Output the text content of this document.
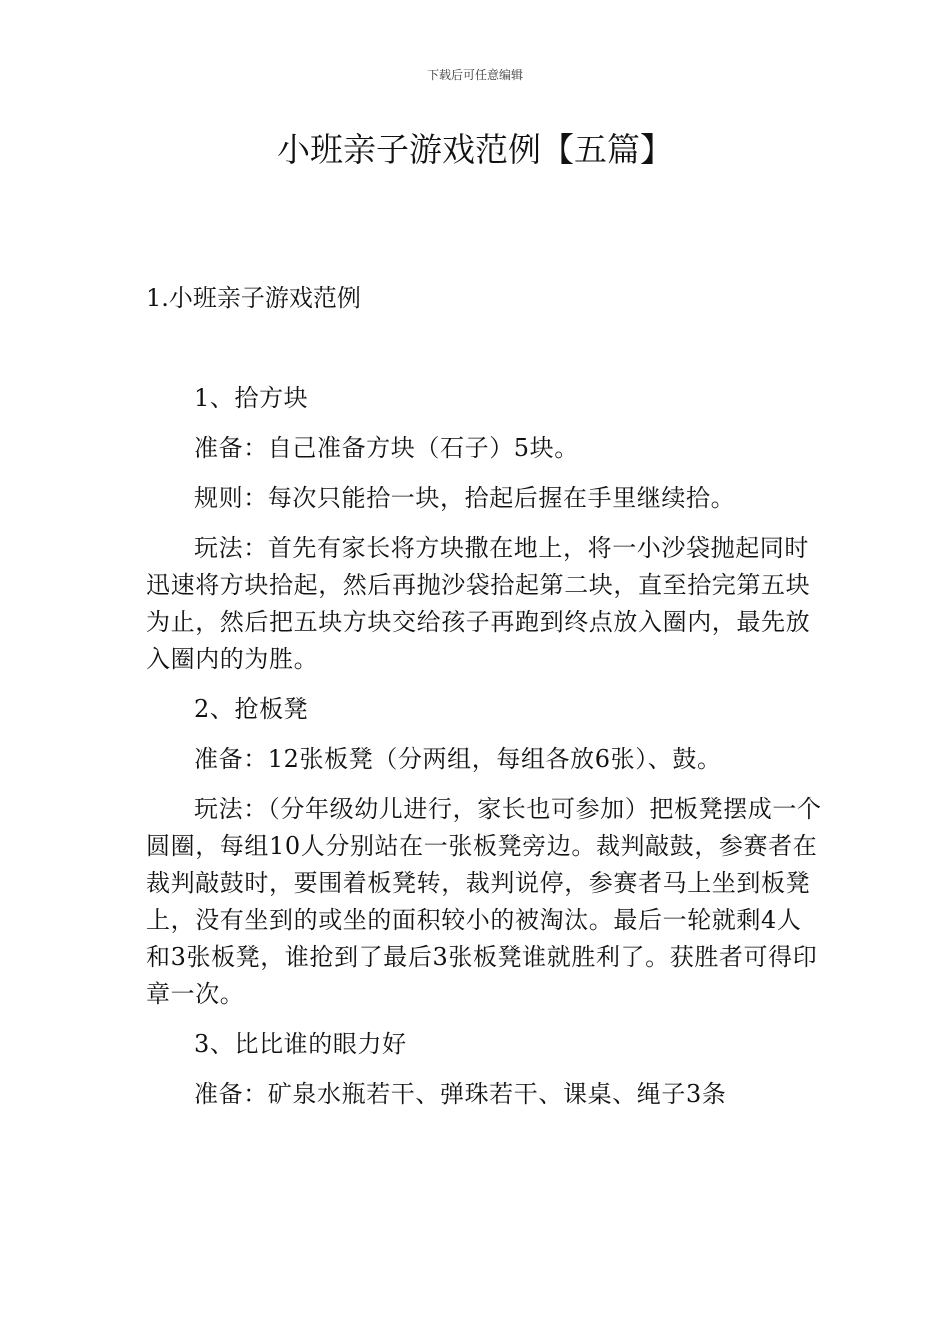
下载后可任意编辑
小班亲子游戏范例【五篇】
1.小班亲子游戏范例

1、拾方块

准备：自己准备方块（石子）5块。

规则：每次只能拾一块，拾起后握在手里继续拾。

玩法：首先有家长将方块撒在地上，将一小沙袋抛起同时迅速将方块拾起，然后再抛沙袋拾起第二块，直至拾完第五块为止，然后把五块方块交给孩子再跑到终点放入圈内，最先放入圈内的为胜。

2、抢板凳

准备：12张板凳（分两组，每组各放6张）、鼓。

玩法：（分年级幼儿进行，家长也可参加）把板凳摆成一个圆圈，每组10人分别站在一张板凳旁边。裁判敲鼓，参赛者在裁判敲鼓时，要围着板凳转，裁判说停，参赛者马上坐到板凳上，没有坐到的或坐的面积较小的被淘汰。最后一轮就剩4人和3张板凳，谁抢到了最后3张板凳谁就胜利了。获胜者可得印章一次。

3、比比谁的眼力好

准备：矿泉水瓶若干、弹珠若干、课桌、绳子3条
